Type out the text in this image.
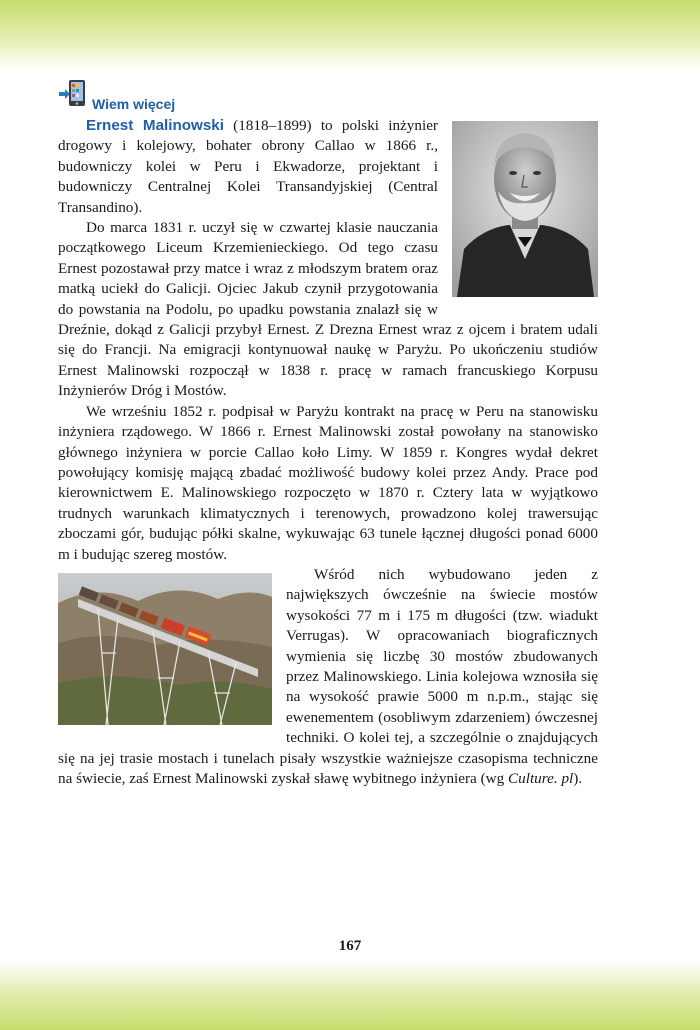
Wiem więcej

Ernest Malinowski (1818–1899) to polski inżynier drogowy i kolejowy, bohater obrony Callao w 1866 r., budowniczy kolei w Peru i Ekwadorze, projektant i budowniczy Centralnej Kolei Transandyjskiej (Central Transandino).

Do marca 1831 r. uczył się w czwartej klasie nauczania początkowego Liceum Krzemienieckiego. Od tego czasu Ernest pozostawał przy matce i wraz z młodszym bratem oraz matką uciekł do Galicji. Ojciec Jakub czynił przygotowania do powstania na Podolu, po upadku powstania znalazł się w Dreźnie, dokąd z Galicji przybył Ernest. Z Drezna Ernest wraz z ojcem i bratem udali się do Francji. Na emigracji kontynuował naukę w Paryżu. Po ukończeniu studiów Ernest Malinowski rozpoczął w 1838 r. pracę w ramach francuskiego Korpusu Inżynierów Dróg i Mostów.

We wrześniu 1852 r. podpisał w Paryżu kontrakt na pracę w Peru na stanowisku inżyniera rządowego. W 1866 r. Ernest Malinowski został powołany na stanowisko głównego inżyniera w porcie Callao koło Limy. W 1859 r. Kongres wydał dekret powołujący komisję mającą zbadać możliwość budowy kolei przez Andy. Prace pod kierownictwem E. Malinowskiego rozpoczęto w 1870 r. Cztery lata w wyjątkowo trudnych warunkach klimatycznych i terenowych, prowadzono kolej trawersując zboczami gór, budując półki skalne, wykuwając 63 tunele łącznej długości ponad 6000 m i budując szereg mostów.

Wśród nich wybudowano jeden z największych ówcześnie na świecie mostów wysokości 77 m i 175 m długości (tzw. wiadukt Verrugas). W opracowaniach biograficznych wymienia się liczbę 30 mostów zbudowanych przez Malinowskiego. Linia kolejowa wznosiła się na wysokość prawie 5000 m n.p.m., stając się ewenementem (osobliwym zdarzeniem) ówczesnej techniki. O kolei tej, a szczególnie o znajdujących się na jej trasie mostach i tunelach pisały wszystkie ważniejsze czasopisma techniczne na świecie, zaś Ernest Malinowski zyskał sławę wybitnego inżyniera (wg Culture. pl).

167
